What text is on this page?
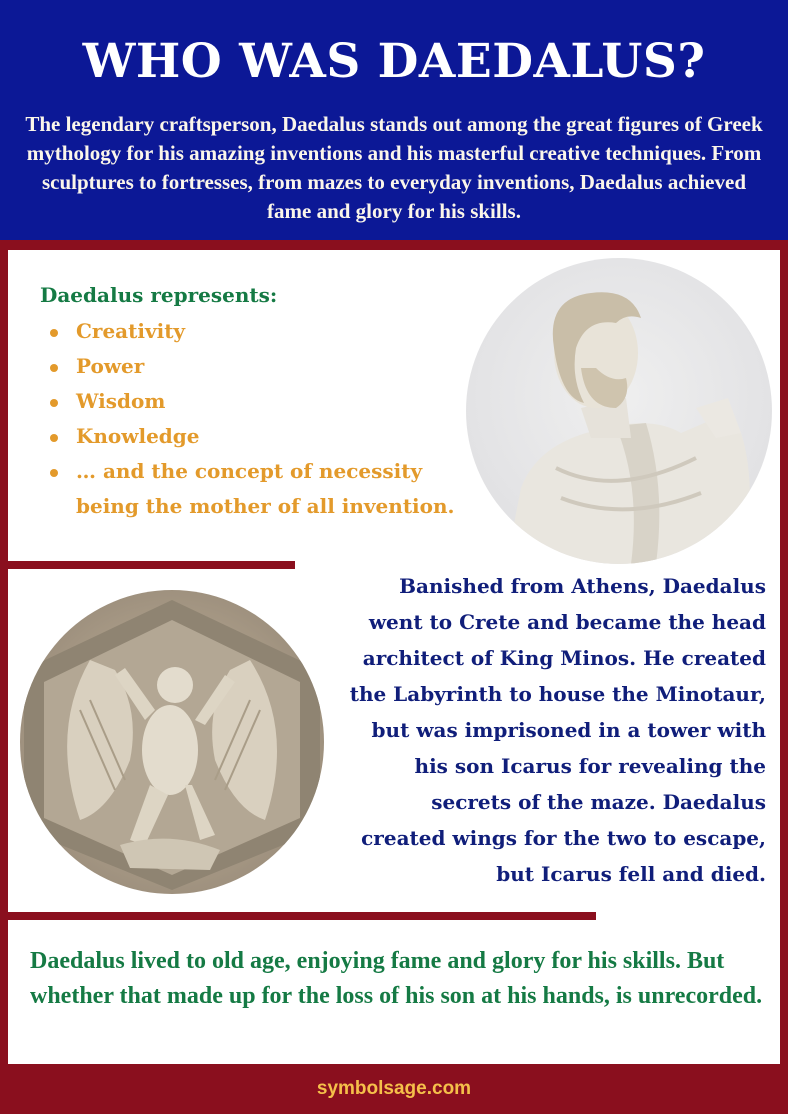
WHO WAS DAEDALUS?

The legendary craftsperson, Daedalus stands out among the great figures of Greek mythology for his amazing inventions and his masterful creative techniques. From sculptures to fortresses, from mazes to everyday inventions, Daedalus achieved fame and glory for his skills.

Daedalus represents:
Creativity
Power
Wisdom
Knowledge
… and the concept of necessity being the mother of all invention.

Banished from Athens, Daedalus went to Crete and became the head architect of King Minos. He created the Labyrinth to house the Minotaur, but was imprisoned in a tower with his son Icarus for revealing the secrets of the maze. Daedalus created wings for the two to escape, but Icarus fell and died.

Daedalus lived to old age, enjoying fame and glory for his skills. But whether that made up for the loss of his son at his hands, is unrecorded.

symbolsage.com
